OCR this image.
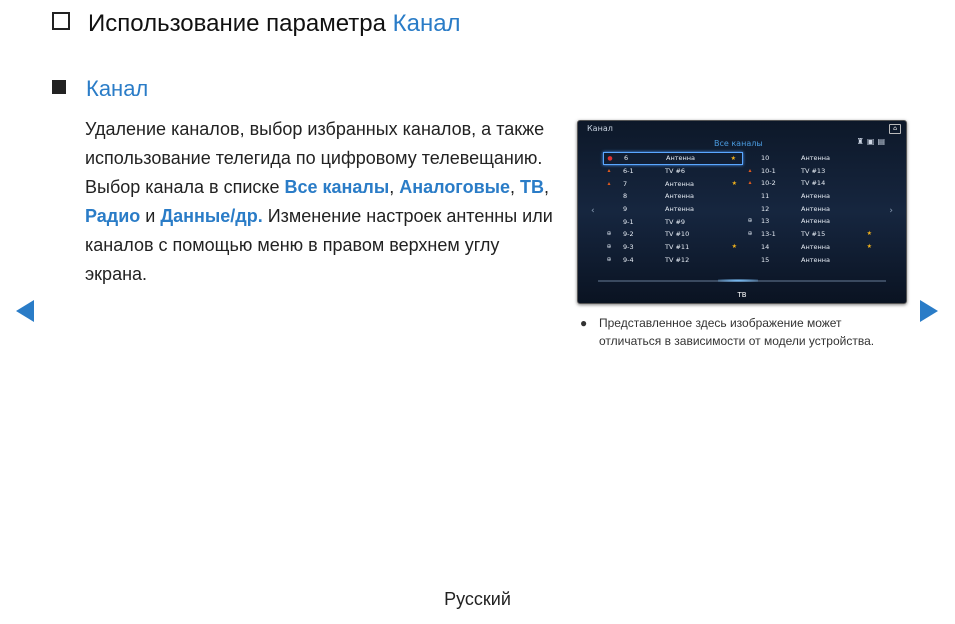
Использование параметра Канал
Канал
Удаление каналов, выбор избранных каналов, а также использование телегида по цифровому телевещанию. Выбор канала в списке Все каналы, Аналоговые, ТВ, Радио и Данные/др. Изменение настроек антенны или каналов с помощью меню в правом верхнем углу экрана.
Канал	⌂
Все каналы	♜▣▤
‹	›
● 6	Антенна	★
▴	6-1	TV #6
▴	7	Антенна	★
8	Антенна
9	Антенна
9-1	TV #9
⊕ 9-2	TV #10
⊕ 9-3	TV #11	★
⊕ 9-4	TV #12
10	Антенна
▴	10-1	TV #13
▴	10-2	TV #14
11	Антенна
12	Антенна
⊕ 13	Антенна
⊕ 13-1	TV #15	★
14	Антенна	★
15	Антенна
ТВ
● Представленное здесь изображение может отличаться в зависимости от модели устройства.
Русский
